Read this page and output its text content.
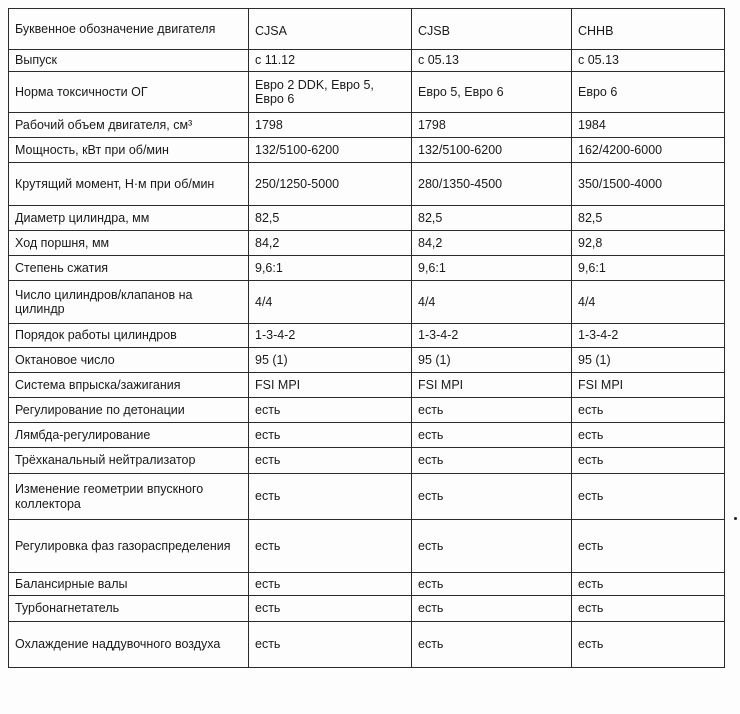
Буквенное обозначение двигателя	CJSA	CJSB	CHHB
Выпуск	с 11.12	с 05.13	с 05.13
Норма токсичности ОГ	Евро 2 DDK, Евро 5, Евро 6	Евро 5, Евро 6	Евро 6
Рабочий объем двигателя, см³	1798	1798	1984
Мощность, кВт при об/мин	132/5100-6200	132/5100-6200	162/4200-6000
Крутящий момент, Н·м при об/мин	250/1250-5000	280/1350-4500	350/1500-4000
Диаметр цилиндра, мм	82,5	82,5	82,5
Ход поршня, мм	84,2	84,2	92,8
Степень сжатия	9,6:1	9,6:1	9,6:1
Число цилиндров/клапанов на цилиндр	4/4	4/4	4/4
Порядок работы цилиндров	1-3-4-2	1-3-4-2	1-3-4-2
Октановое число	95 (1)	95 (1)	95 (1)
Система впрыска/зажигания	FSI MPI	FSI MPI	FSI MPI
Регулирование по детонации	есть	есть	есть
Лямбда-регулирование	есть	есть	есть
Трёхканальный нейтрализатор	есть	есть	есть
Изменение геометрии впускного коллектора	есть	есть	есть
Регулировка фаз газораспределения	есть	есть	есть
Балансирные валы	есть	есть	есть
Турбонагнетатель	есть	есть	есть
Охлаждение наддувочного воздуха	есть	есть	есть
